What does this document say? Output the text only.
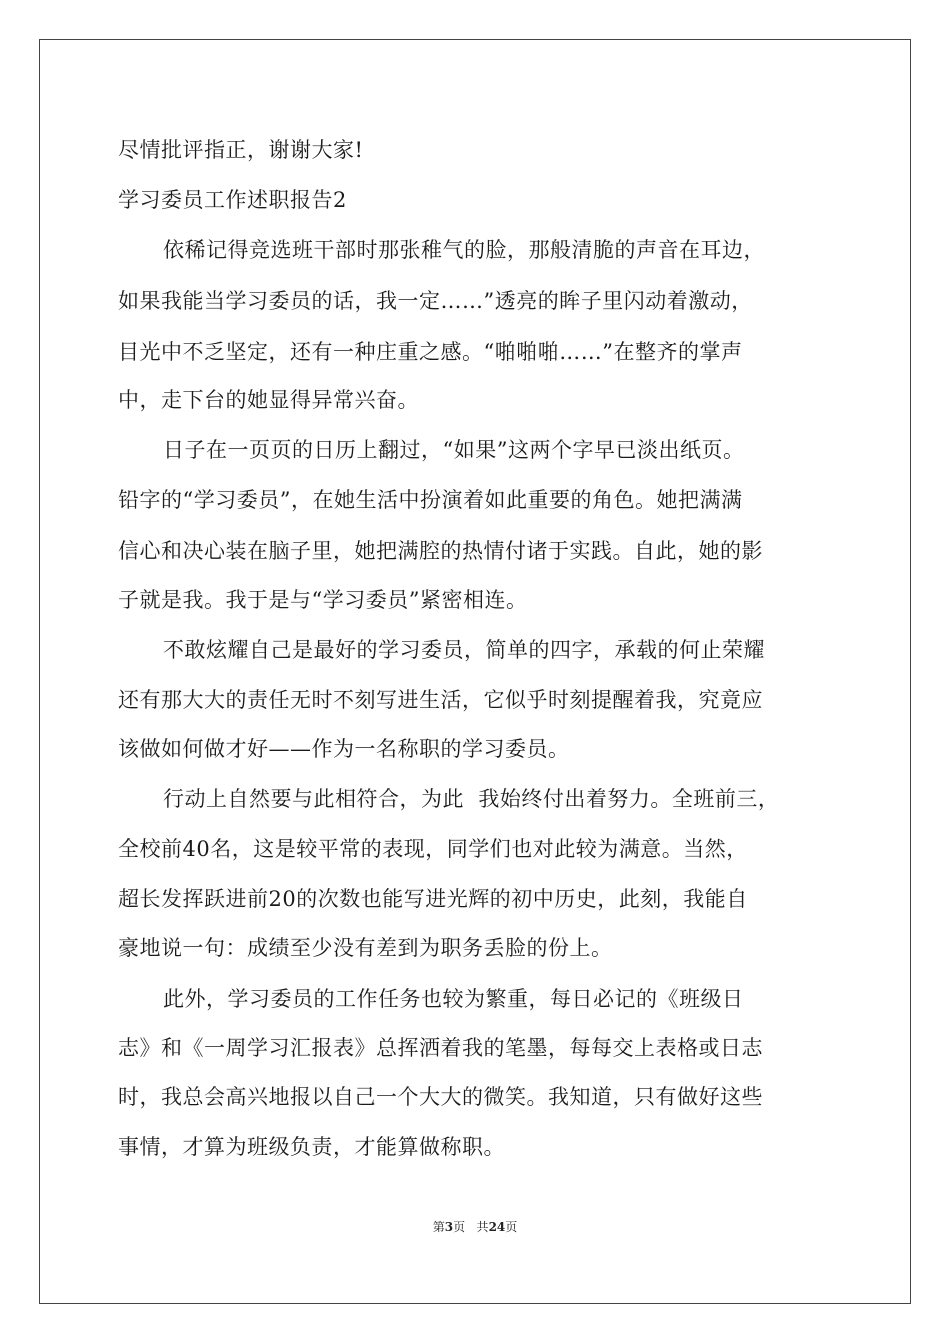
尽情批评指正，谢谢大家!
学习委员工作述职报告2
依稀记得竞选班干部时那张稚气的脸，那般清脆的声音在耳边，
如果我能当学习委员的话，我一定……”透亮的眸子里闪动着激动，
目光中不乏坚定，还有一种庄重之感。“啪啪啪……”在整齐的掌声
中，走下台的她显得异常兴奋。
日子在一页页的日历上翻过，“如果”这两个字早已淡出纸页。
铅字的“学习委员”，在她生活中扮演着如此重要的角色。她把满满
信心和决心装在脑子里，她把满腔的热情付诸于实践。自此，她的影
子就是我。我于是与“学习委员”紧密相连。
不敢炫耀自己是最好的学习委员，简单的四字，承载的何止荣耀
还有那大大的责任无时不刻写进生活，它似乎时刻提醒着我，究竟应
该做如何做才好——作为一名称职的学习委员。
行动上自然要与此相符合，为此  我始终付出着努力。全班前三，
全校前40名，这是较平常的表现，同学们也对此较为满意。当然，
超长发挥跃进前20的次数也能写进光辉的初中历史，此刻，我能自
豪地说一句：成绩至少没有差到为职务丢脸的份上。
此外，学习委员的工作任务也较为繁重，每日必记的《班级日
志》和《一周学习汇报表》总挥洒着我的笔墨，每每交上表格或日志
时，我总会高兴地报以自己一个大大的微笑。我知道，只有做好这些
事情，才算为班级负责，才能算做称职。
第3页 共24页
